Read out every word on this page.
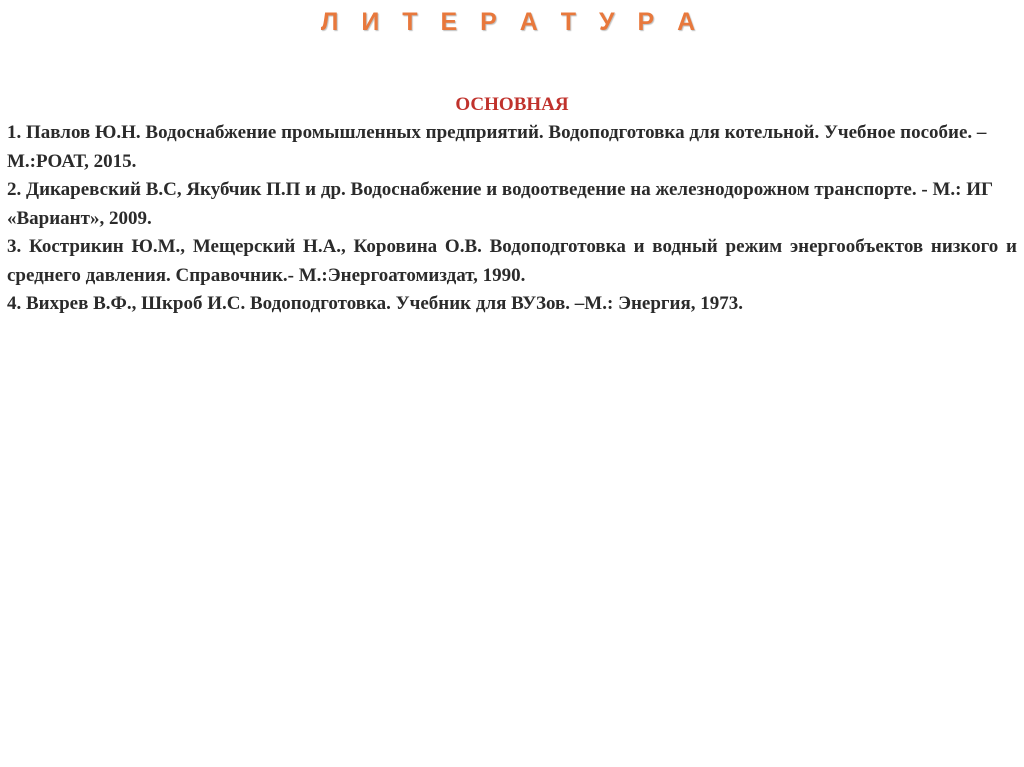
Л И Т Е Р А Т У Р А
ОСНОВНАЯ

1. Павлов Ю.Н. Водоснабжение промышленных предприятий. Водоподготовка для котельной. Учебное пособие. –М.:РОАТ, 2015.

2. Дикаревский В.С, Якубчик П.П и др. Водоснабжение и водоотведение на железнодорожном транспорте. - М.: ИГ «Вариант», 2009.

3. Кострикин Ю.М., Мещерский Н.А., Коровина О.В. Водоподготовка и водный режим энергообъектов низкого и среднего давления. Справочник.- М.:Энергоатомиздат, 1990.

4. Вихрев В.Ф., Шкроб И.С. Водоподготовка. Учебник для ВУЗов. –М.: Энергия, 1973.
